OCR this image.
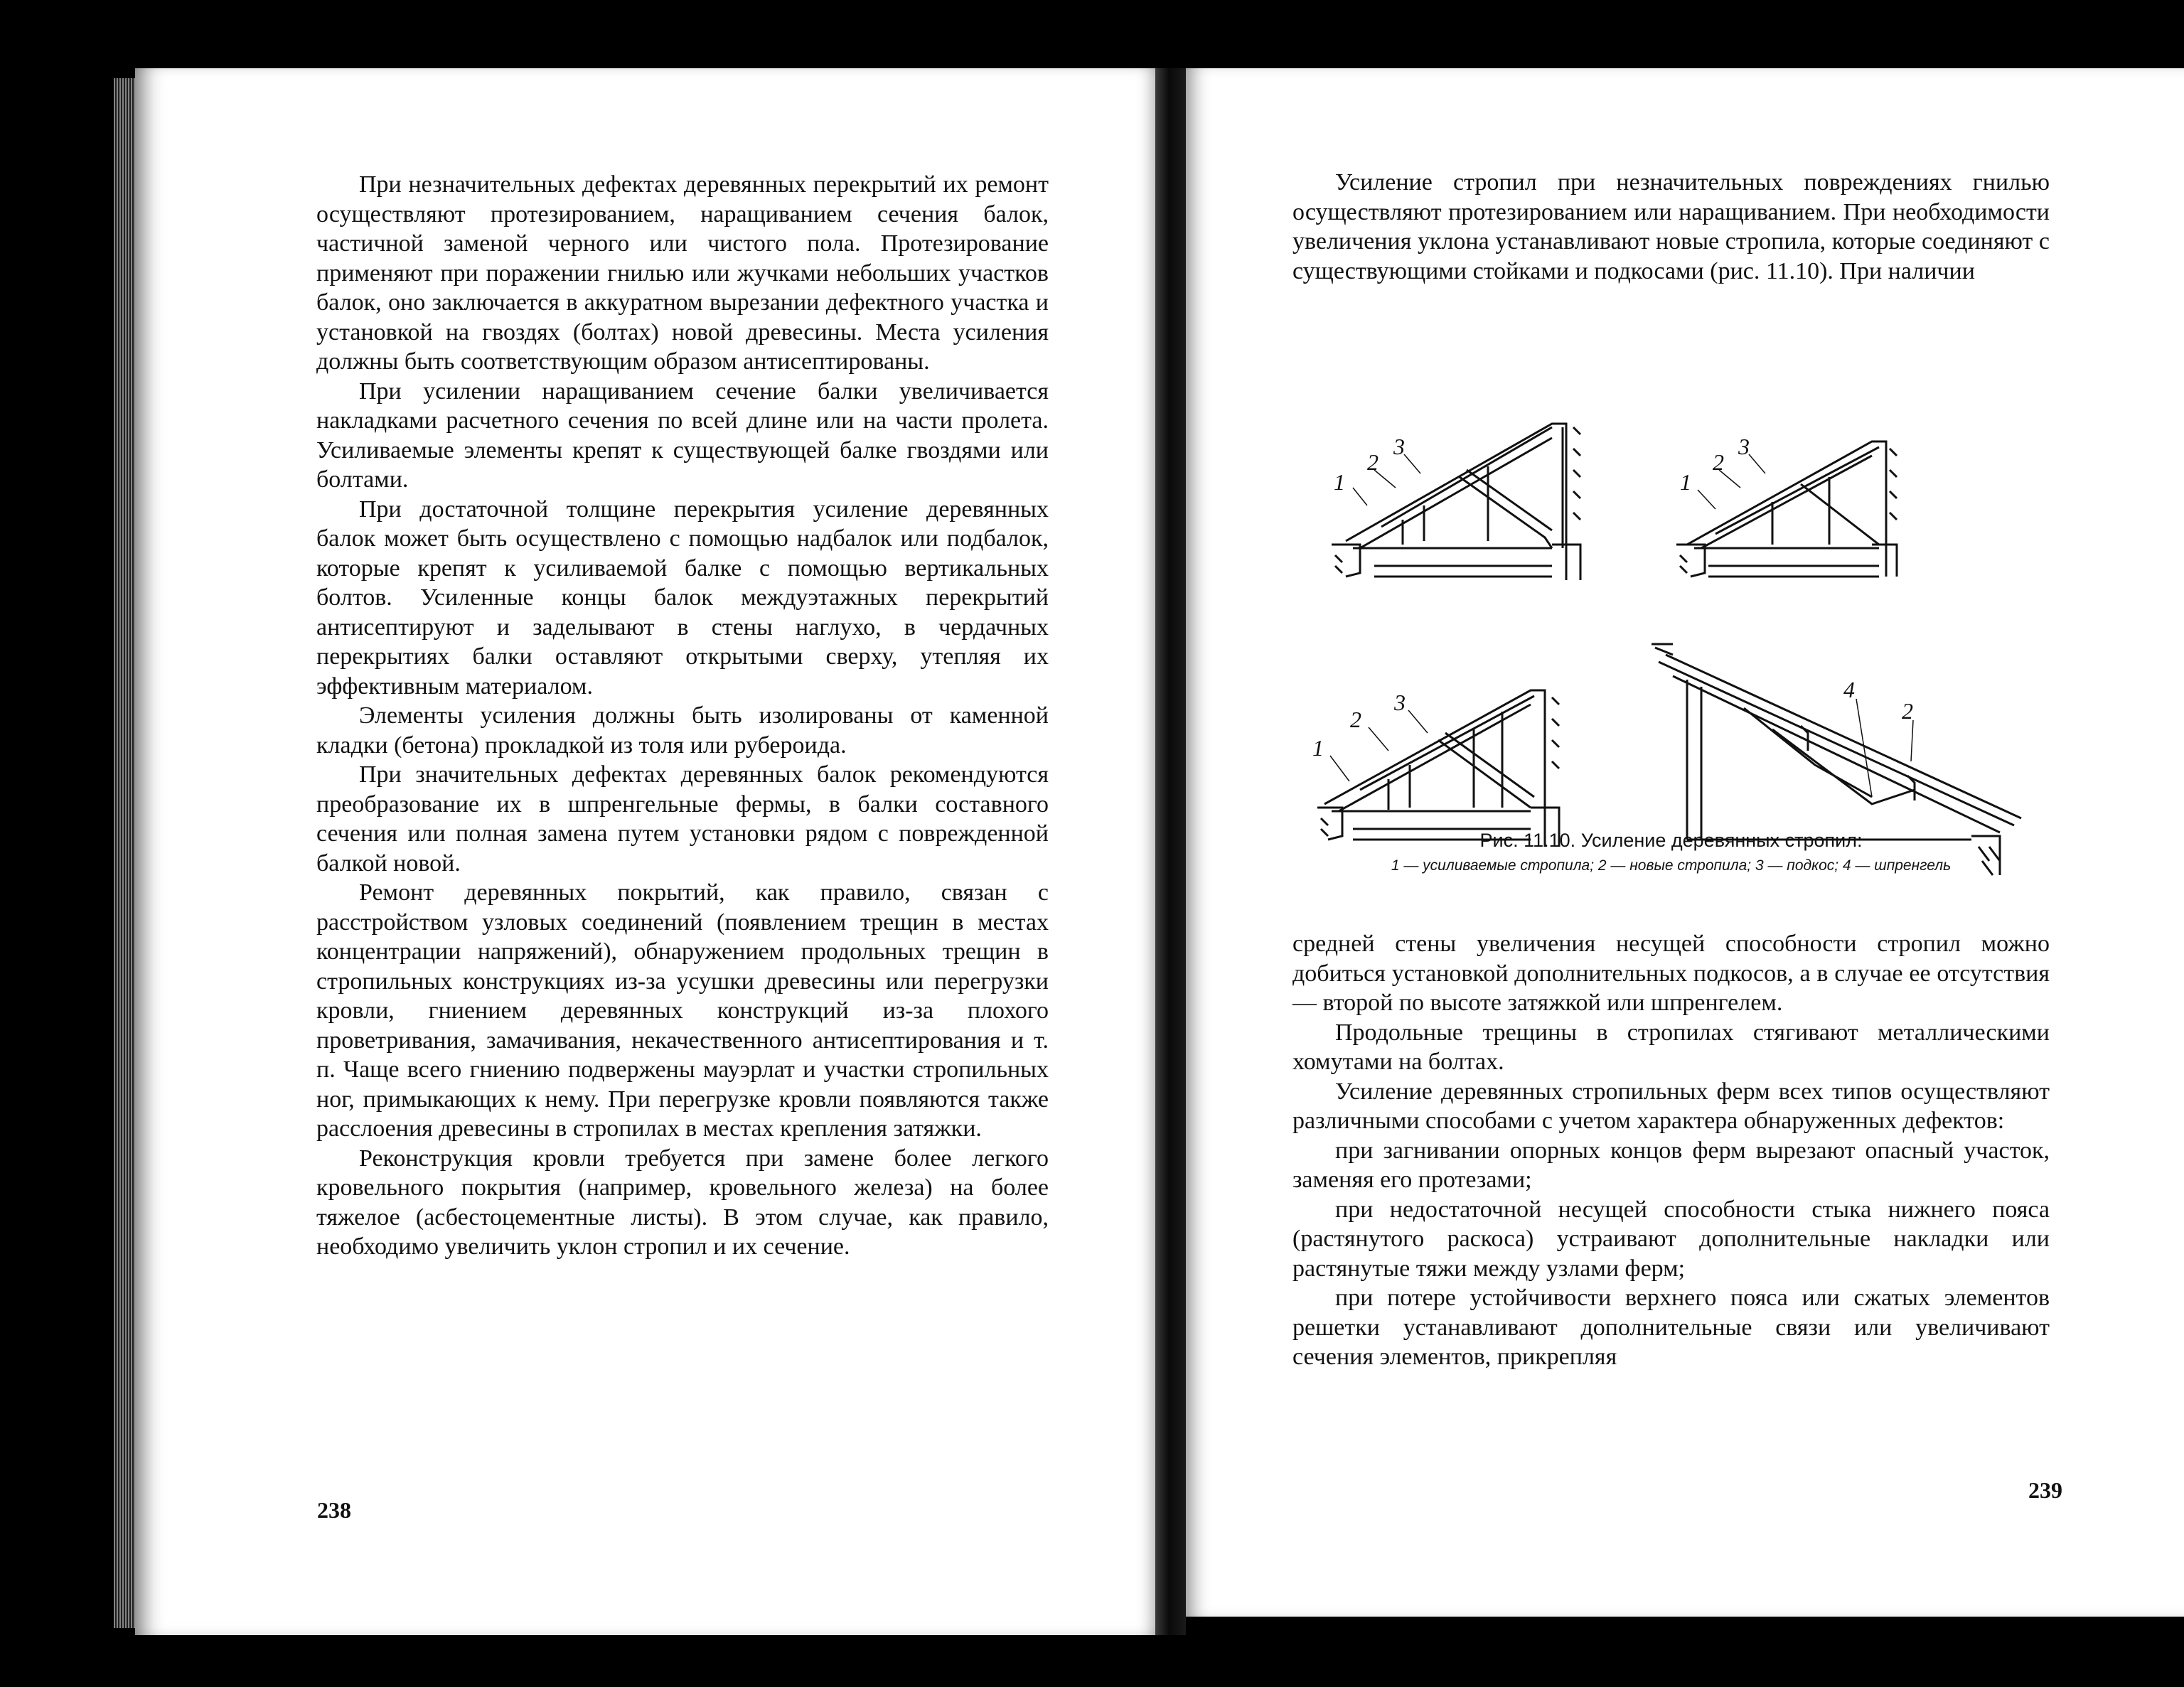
При незначительных дефектах деревянных перекрытий их ремонт осуществляют протезированием, наращиванием сечения балок, частичной заменой черного или чистого пола. Протезирование применяют при поражении гнилью или жучками небольших участков балок, оно заключается в аккуратном вырезании дефектного участка и установкой на гвоздях (болтах) новой древесины. Места усиления должны быть соответствующим образом антисептированы.

При усилении наращиванием сечение балки увеличивается накладками расчетного сечения по всей длине или на части пролета. Усиливаемые элементы крепят к существующей балке гвоздями или болтами.

При достаточной толщине перекрытия усиление деревянных балок может быть осуществлено с помощью надбалок или подбалок, которые крепят к усиливаемой балке с помощью вертикальных болтов. Усиленные концы балок междуэтажных перекрытий антисептируют и заделывают в стены наглухо, в чердачных перекрытиях балки оставляют открытыми сверху, утепляя их эффективным материалом.

Элементы усиления должны быть изолированы от каменной кладки (бетона) прокладкой из толя или рубероида.

При значительных дефектах деревянных балок рекомендуются преобразование их в шпренгельные фермы, в балки составного сечения или полная замена путем установки рядом с поврежденной балкой новой.

Ремонт деревянных покрытий, как правило, связан с расстройством узловых соединений (появлением трещин в местах концентрации напряжений), обнаружением продольных трещин в стропильных конструкциях из-за усушки древесины или перегрузки кровли, гниением деревянных конструкций из-за плохого проветривания, замачивания, некачественного антисептирования и т. п. Чаще всего гниению подвержены мауэрлат и участки стропильных ног, примыкающих к нему. При перегрузке кровли появляются также расслоения древесины в стропилах в местах крепления затяжки.

Реконструкция кровли требуется при замене более легкого кровельного покрытия (например, кровельного железа) на более тяжелое (асбестоцементные листы). В этом случае, как правило, необходимо увеличить уклон стропил и их сечение.

238

Усиление стропил при незначительных повреждениях гнилью осуществляют протезированием или наращиванием. При необходимости увеличения уклона устанавливают новые стропила, которые соединяют с существующими стойками и подкосами (рис. 11.10). При наличии

1
2
3
1
2
3
1
2
3	4
2
Рис. 11.10. Усиление деревянных стропил:
1 — усиливаемые стропила; 2 — новые стропила; 3 — подкос; 4 — шпренгель

средней стены увеличения несущей способности стропил можно добиться установкой дополнительных подкосов, а в случае ее отсутствия — второй по высоте затяжкой или шпренгелем.

Продольные трещины в стропилах стягивают металлическими хомутами на болтах.

Усиление деревянных стропильных ферм всех типов осуществляют различными способами с учетом характера обнаруженных дефектов:

при загнивании опорных концов ферм вырезают опасный участок, заменяя его протезами;

при недостаточной несущей способности стыка нижнего пояса (растянутого раскоса) устраивают дополнительные накладки или растянутые тяжи между узлами ферм;

при потере устойчивости верхнего пояса или сжатых элементов решетки устанавливают дополнительные связи или увеличивают сечения элементов, прикрепляя

239
